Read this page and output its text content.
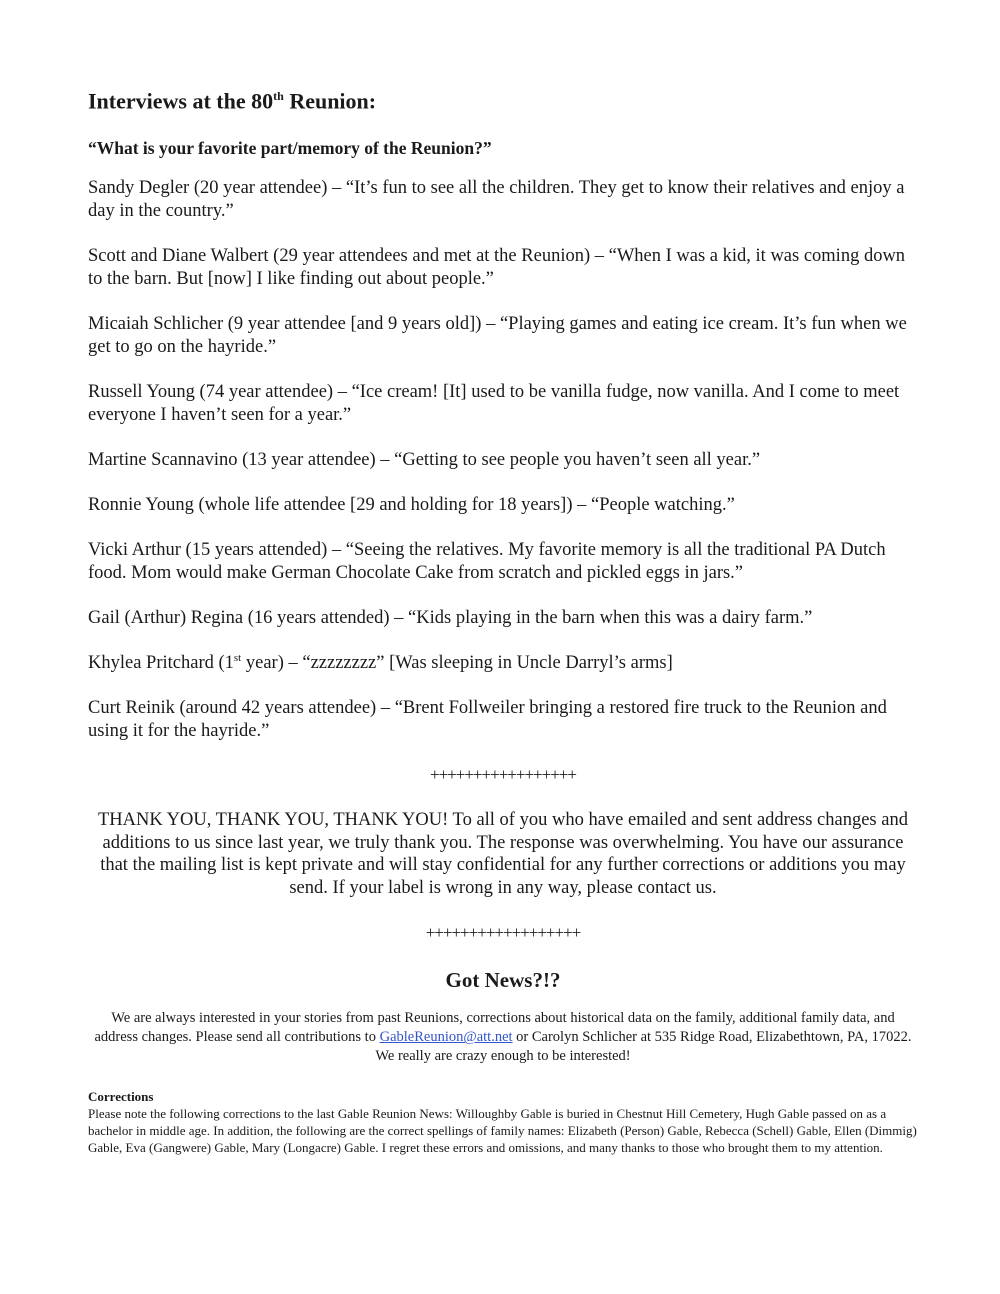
Interviews at the 80th Reunion:

“What is your favorite part/memory of the Reunion?”

Sandy Degler (20 year attendee) – “It’s fun to see all the children. They get to know their relatives and enjoy a day in the country.”

Scott and Diane Walbert (29 year attendees and met at the Reunion) – “When I was a kid, it was coming down to the barn. But [now] I like finding out about people.”

Micaiah Schlicher (9 year attendee [and 9 years old]) – “Playing games and eating ice cream. It’s fun when we get to go on the hayride.”

Russell Young (74 year attendee) – “Ice cream! [It] used to be vanilla fudge, now vanilla. And I come to meet everyone I haven’t seen for a year.”

Martine Scannavino (13 year attendee) – “Getting to see people you haven’t seen all year.”

Ronnie Young (whole life attendee [29 and holding for 18 years]) – “People watching.”

Vicki Arthur (15 years attended) – “Seeing the relatives. My favorite memory is all the traditional PA Dutch food. Mom would make German Chocolate Cake from scratch and pickled eggs in jars.”

Gail (Arthur) Regina (16 years attended) – “Kids playing in the barn when this was a dairy farm.”

Khylea Pritchard (1st year) – “zzzzzzzz” [Was sleeping in Uncle Darryl’s arms]

Curt Reinik (around 42 years attendee) – “Brent Follweiler bringing a restored fire truck to the Reunion and using it for the hayride.”

+++++++++++++++++

THANK YOU, THANK YOU, THANK YOU! To all of you who have emailed and sent address changes and additions to us since last year, we truly thank you. The response was overwhelming. You have our assurance that the mailing list is kept private and will stay confidential for any further corrections or additions you may send. If your label is wrong in any way, please contact us.

++++++++++++++++++

Got News?!?

We are always interested in your stories from past Reunions, corrections about historical data on the family, additional family data, and address changes. Please send all contributions to GableReunion@att.net or Carolyn Schlicher at 535 Ridge Road, Elizabethtown, PA, 17022. We really are crazy enough to be interested!

Corrections

Please note the following corrections to the last Gable Reunion News: Willoughby Gable is buried in Chestnut Hill Cemetery, Hugh Gable passed on as a bachelor in middle age. In addition, the following are the correct spellings of family names: Elizabeth (Person) Gable, Rebecca (Schell) Gable, Ellen (Dimmig) Gable, Eva (Gangwere) Gable, Mary (Longacre) Gable. I regret these errors and omissions, and many thanks to those who brought them to my attention.
